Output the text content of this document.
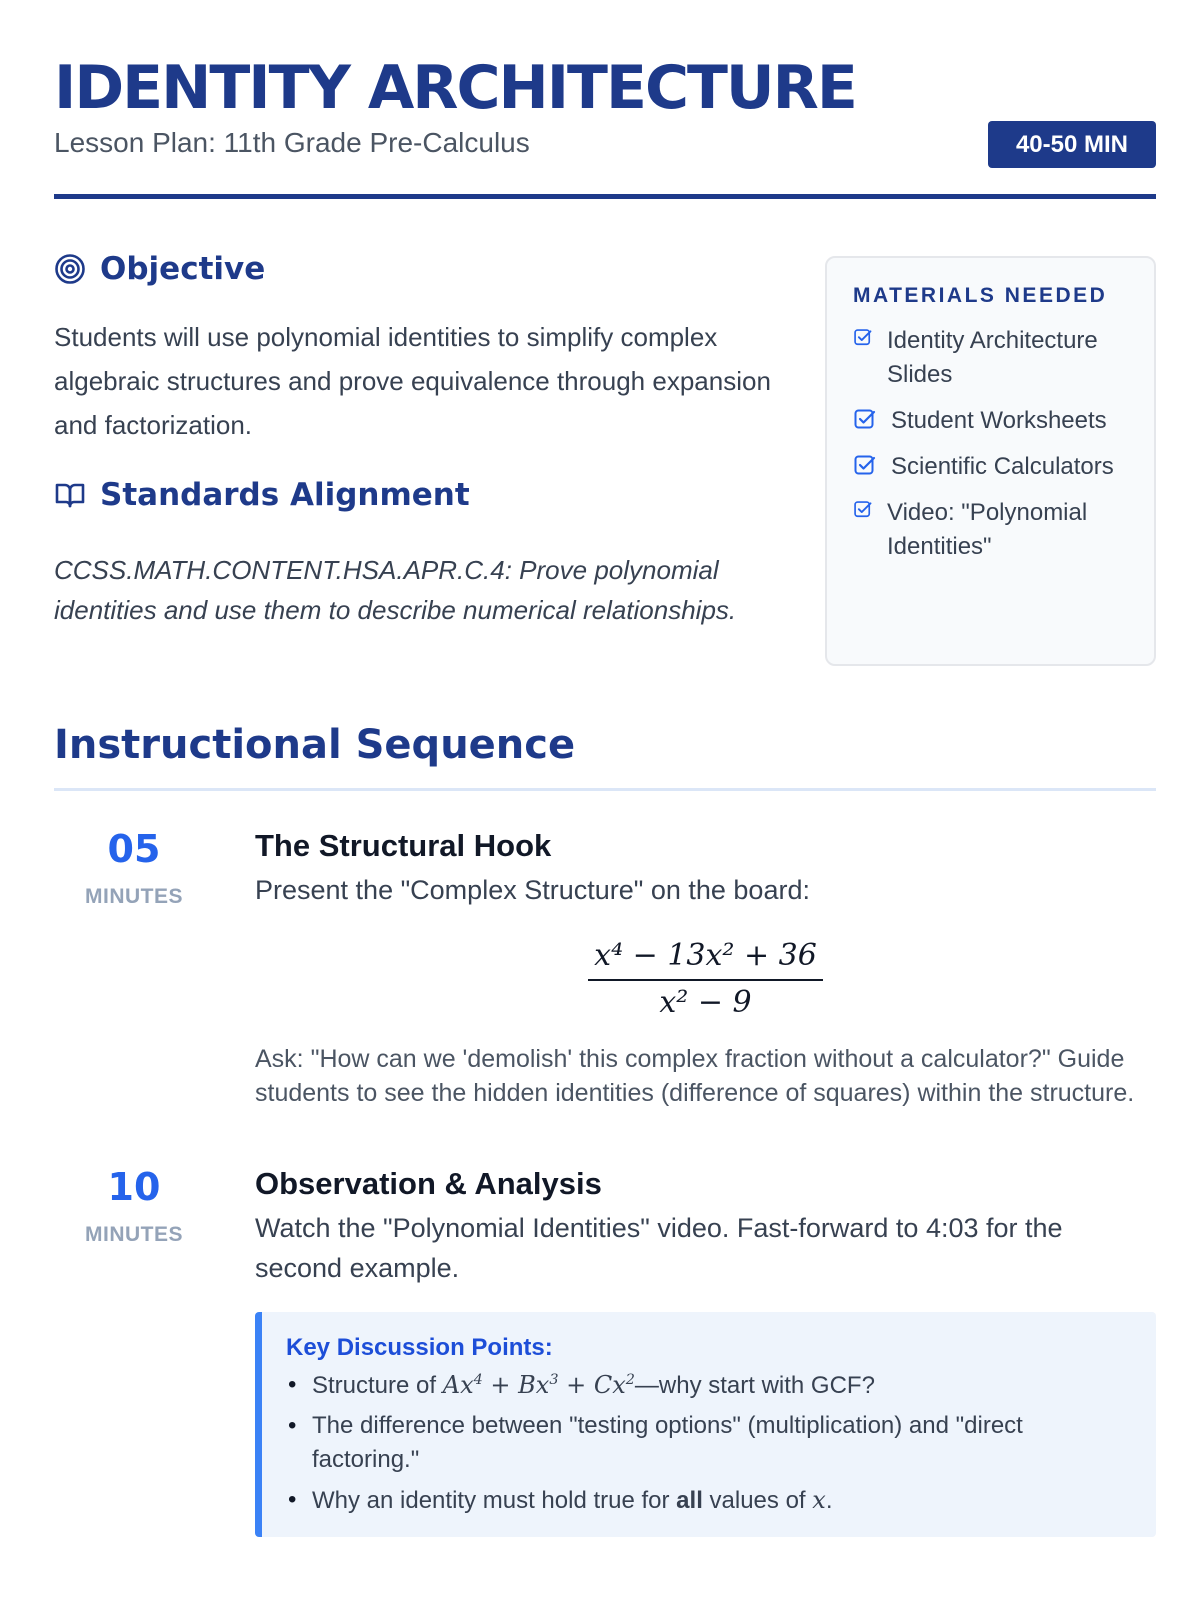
IDENTITY ARCHITECTURE
Lesson Plan: 11th Grade Pre-Calculus	40-50 MIN
Objective

Students will use polynomial identities to simplify complex algebraic structures and prove equivalence through expansion and factorization.

Standards Alignment

CCSS.MATH.CONTENT.HSA.APR.C.4: Prove polynomial identities and use them to describe numerical relationships.

MATERIALS NEEDED
Identity Architecture Slides
Student Worksheets
Scientific Calculators
Video: "Polynomial Identities"
Instructional Sequence
05
MINUTES
The Structural Hook
Present the "Complex Structure" on the board:
$\frac{\text{x⁴ − 13x² + 36}}{\text{x² − 9}}$
Ask: "How can we 'demolish' this complex fraction without a calculator?" Guide students to see the hidden identities (difference of squares) within the structure.
10
MINUTES
Observation & Analysis
Watch the "Polynomial Identities" video. Fast-forward to 4:03 for the second example.
Key Discussion Points:
• Structure of $Ax^4 + Bx^3$ + $Cx^2—why$ start with GCF?
• The difference between "testing options" (multiplication) and "direct factoring."
• Why an identity must hold true for all values of x.
